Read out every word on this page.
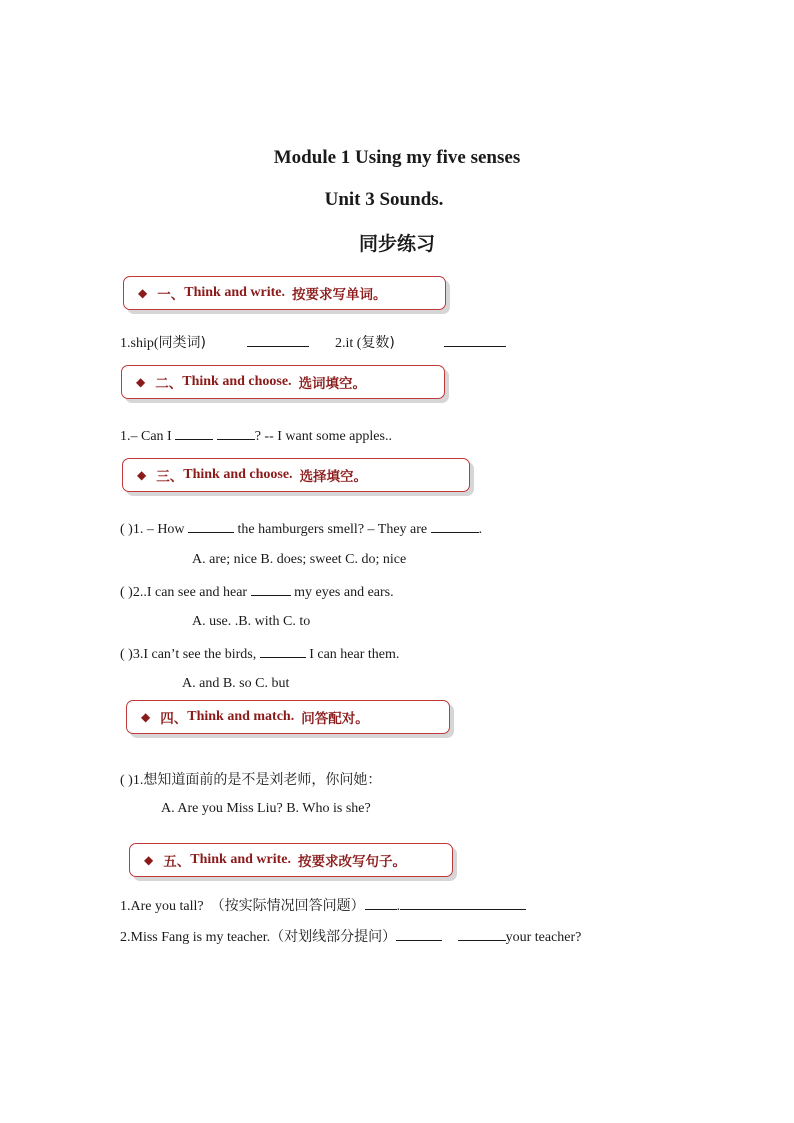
Module 1 Using my five senses
Unit 3 Sounds.
同步练习
◆ 一、 Think and write.
按要求写单词。
1.ship(同类词)	2.it (复数)
◆ 二、 Think and choose.
选词填空。
1.– Can I	? -- I want some apples..
◆ 三、 Think and choose.
选择填空。
( )1. – How	the hamburgers smell? – They are	.
A. are; nice B. does; sweet C. do; nice
( )2..I can see and hear	my eyes and ears.
A. use. .B. with C. to
( )3.I can’t see the birds,	I can hear them.
A. and B. so C. but
◆ 四、 Think and match.
问答配对。
( )1.想知道面前的是不是刘老师，你问她：
A. Are you Miss Liu? B. Who is she?
◆ 五、 Think and write.
按要求改写句子。
1.Are you tall? （按实际情况回答问题） .
2.Miss Fang is my teacher.（对划线部分提问）	your teacher?
